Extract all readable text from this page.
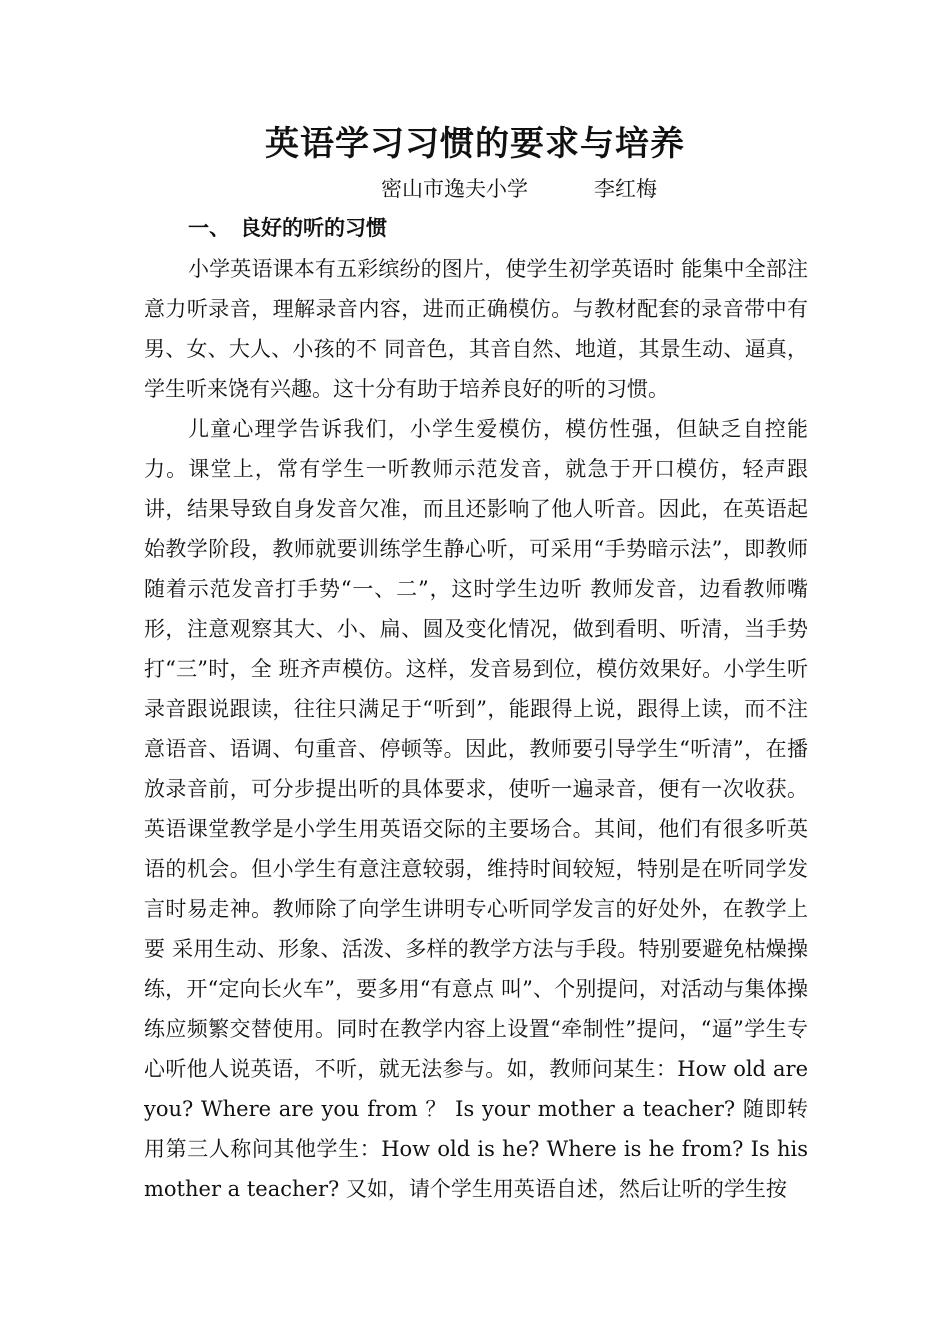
英语学习习惯的要求与培养
密山市逸夫小学	李红梅
一、 良好的听的习惯

小学英语课本有五彩缤纷的图片，使学生初学英语时 能集中全部注意力听录音，理解录音内容，进而正确模仿。与教材配套的录音带中有男、女、大人、小孩的不 同音色，其音自然、地道，其景生动、逼真，学生听来饶有兴趣。这十分有助于培养良好的听的习惯。

儿童心理学告诉我们，小学生爱模仿，模仿性强，但缺乏自控能力。课堂上，常有学生一听教师示范发音，就急于开口模仿，轻声跟讲，结果导致自身发音欠准，而且还影响了他人听音。因此，在英语起始教学阶段，教师就要训练学生静心听，可采用“手势暗示法”，即教师随着示范发音打手势“一、二”，这时学生边听 教师发音，边看教师嘴形，注意观察其大、小、扁、圆及变化情况，做到看明、听清，当手势打“三”时，全 班齐声模仿。这样，发音易到位，模仿效果好。小学生听录音跟说跟读，往往只满足于“听到”，能跟得上说，跟得上读，而不注意语音、语调、句重音、停顿等。因此，教师要引导学生“听清”，在播放录音前，可分步提出听的具体要求，使听一遍录音，便有一次收获。英语课堂教学是小学生用英语交际的主要场合。其间，他们有很多听英语的机会。但小学生有意注意较弱，维持时间较短，特别是在听同学发言时易走神。教师除了向学生讲明专心听同学发言的好处外，在教学上要 采用生动、形象、活泼、多样的教学方法与手段。特别要避免枯燥操练，开“定向长火车”，要多用“有意点 叫”、个别提问，对活动与集体操练应频繁交替使用。同时在教学内容上设置“牵制性”提问，“逼”学生专 心听他人说英语，不听，就无法参与。如，教师问某生：How old are you? Where are you from ？ Is your mother a teacher? 随即转用第三人称问其他学生：How old is he? Where is he from? Is his mother a teacher? 又如，请个学生用英语自述，然后让听的学生按
